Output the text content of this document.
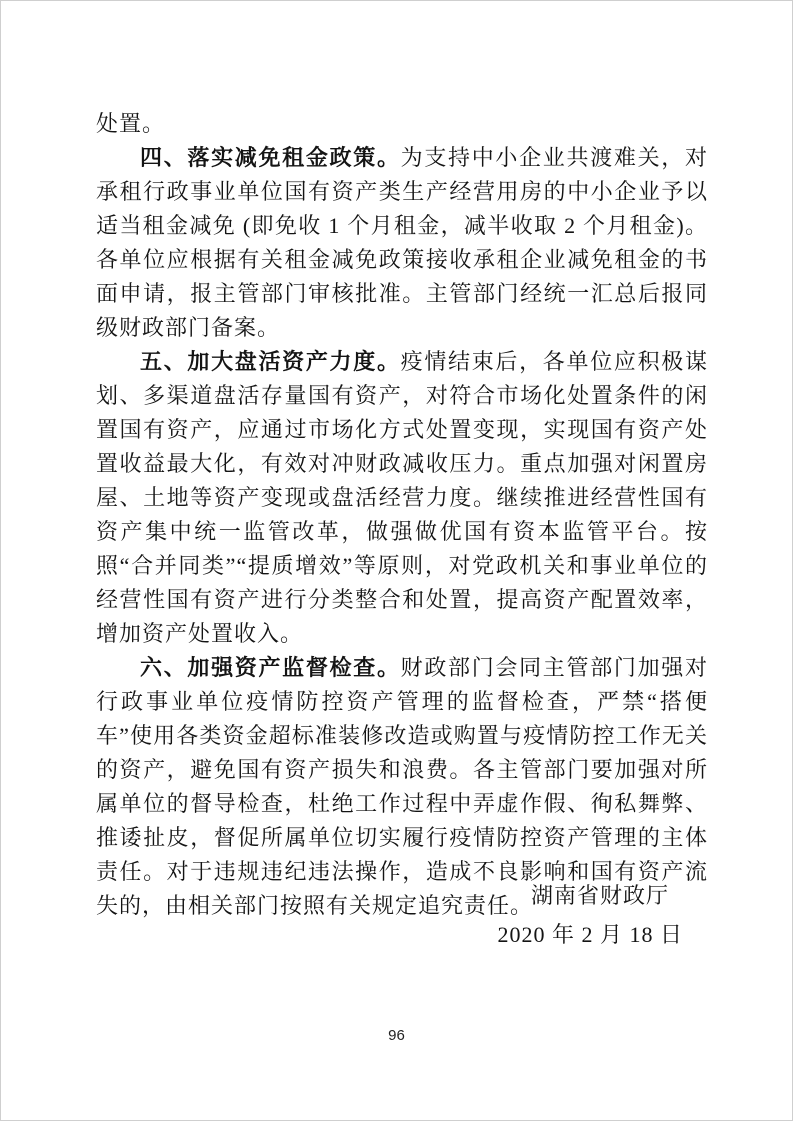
处置。

四、落实减免租金政策。为支持中小企业共渡难关，对承租行政事业单位国有资产类生产经营用房的中小企业予以适当租金减免 (即免收 1 个月租金，减半收取 2 个月租金)。各单位应根据有关租金减免政策接收承租企业减免租金的书面申请，报主管部门审核批准。主管部门经统一汇总后报同级财政部门备案。

五、加大盘活资产力度。疫情结束后，各单位应积极谋划、多渠道盘活存量国有资产，对符合市场化处置条件的闲置国有资产，应通过市场化方式处置变现，实现国有资产处置收益最大化，有效对冲财政减收压力。重点加强对闲置房屋、土地等资产变现或盘活经营力度。继续推进经营性国有资产集中统一监管改革，做强做优国有资本监管平台。按照“合并同类”“提质增效”等原则，对党政机关和事业单位的经营性国有资产进行分类整合和处置，提高资产配置效率，增加资产处置收入。

六、加强资产监督检查。财政部门会同主管部门加强对行政事业单位疫情防控资产管理的监督检查，严禁“搭便车”使用各类资金超标准装修改造或购置与疫情防控工作无关的资产，避免国有资产损失和浪费。各主管部门要加强对所属单位的督导检查，杜绝工作过程中弄虚作假、徇私舞弊、推诿扯皮，督促所属单位切实履行疫情防控资产管理的主体责任。对于违规违纪违法操作，造成不良影响和国有资产流失的，由相关部门按照有关规定追究责任。

湖南省财政厅
2020 年 2 月 18 日
96
